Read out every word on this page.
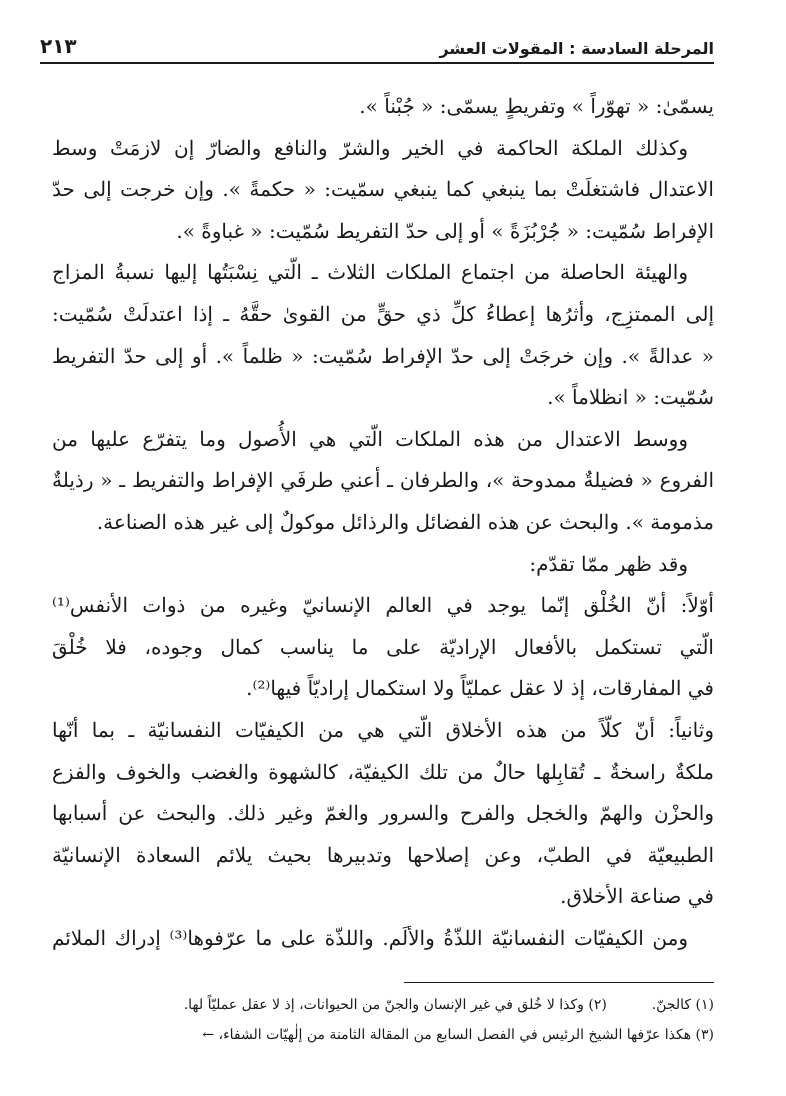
المرحلة السادسة : المقولات العشر
٢١٣
يسمّىٰ: « تهوّراً » وتفريطٍ يسمّى: « جُبْناً ».
وكذلك الملكة الحاكمة في الخير والشرّ والنافع والضارّ إن لازمَتْ وسط
الاعتدال فاشتغلَتْ بما ينبغي كما ينبغي سمّيت: « حكمةً ». وإن خرجت إلى حدّ
الإفراط سُمّيت: « جُرْبُزَةً » أو إلى حدّ التفريط سُمّيت: « غباوةً ».
والهيئة الحاصلة من اجتماع الملكات الثلاث ـ الّتي نِسْبَتُها إليها نسبةُ المزاج
إلى الممتزِج، وأثرُها إعطاءُ كلِّ ذي حقٍّ من القوىٰ حقَّهُ ـ إذا اعتدلَتْ سُمّيت:
« عدالةً ». وإن خرجَتْ إلى حدّ الإفراط سُمّيت: « ظلماً ». أو إلى حدّ التفريط
سُمّيت: « انظلاماً ».
ووسط الاعتدال من هذه الملكات الّتي هي الأُصول وما يتفرّع عليها من
الفروع « فضيلةٌ ممدوحة »، والطرفان ـ أعني طرفَي الإفراط والتفريط ـ « رذيلةٌ
مذمومة ». والبحث عن هذه الفضائل والرذائل موكولٌ إلى غير هذه الصناعة.
وقد ظهر ممّا تقدّم:
أوّلاً: أنّ الخُلْق إنّما يوجد في العالم الإنسانيّ وغيره من ذوات الأنفس⁽¹⁾
الّتي تستكمل بالأفعال الإراديّة على ما يناسب كمال وجوده، فلا خُلْقَ
في المفارقات، إذ لا عقل عمليّاً ولا استكمال إراديّاً فيها⁽²⁾.
وثانياً: أنّ كلّاً من هذه الأخلاق الّتي هي من الكيفيّات النفسانيّة ـ بما أنّها
ملكةٌ راسخةٌ ـ تُقابِلها حالٌ من تلك الكيفيّة، كالشهوة والغضب والخوف والفزع
والحزْن والهمّ والخجل والفرح والسرور والغمّ وغير ذلك. والبحث عن أسبابها
الطبيعيّة في الطبّ، وعن إصلاحها وتدبيرها بحيث يلائم السعادة الإنسانيّة
في صناعة الأخلاق.
ومن الكيفيّات النفسانيّة اللذّةُ والألَم. واللذّة على ما عرّفوها⁽³⁾ إدراك الملائم
(١) كالجنّ.  (٢) وكذا لا خُلق في غير الإنسان والجنّ من الحيوانات، إذ لا عقل عمليّاً لها.
(٣) هكذا عرّفها الشيخ الرئيس في الفصل السابع من المقالة الثامنة من إلٰهيّات الشفاء، ←
